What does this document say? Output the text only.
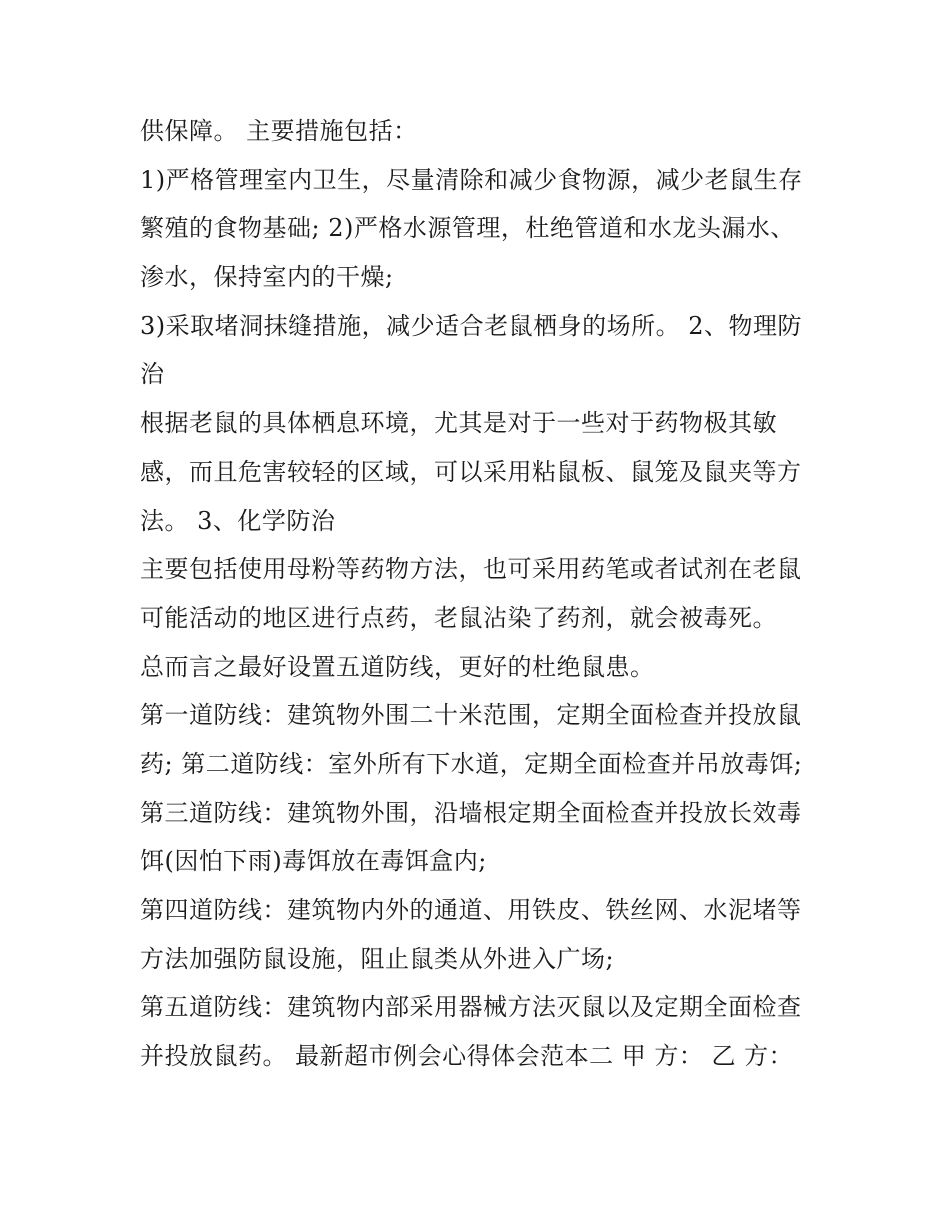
供保障。 主要措施包括：
1)严格管理室内卫生，尽量清除和减少食物源，减少老鼠生存
繁殖的食物基础; 2)严格水源管理，杜绝管道和水龙头漏水、
渗水，保持室内的干燥;
3)采取堵洞抹缝措施，减少适合老鼠栖身的场所。 2、物理防
治
根据老鼠的具体栖息环境，尤其是对于一些对于药物极其敏
感，而且危害较轻的区域，可以采用粘鼠板、鼠笼及鼠夹等方
法。 3、化学防治
主要包括使用母粉等药物方法，也可采用药笔或者试剂在老鼠
可能活动的地区进行点药，老鼠沾染了药剂，就会被毒死。
总而言之最好设置五道防线，更好的杜绝鼠患。
第一道防线：建筑物外围二十米范围，定期全面检查并投放鼠
药; 第二道防线：室外所有下水道，定期全面检查并吊放毒饵;
第三道防线：建筑物外围，沿墙根定期全面检查并投放长效毒
饵(因怕下雨)毒饵放在毒饵盒内;
第四道防线：建筑物内外的通道、用铁皮、铁丝网、水泥堵等
方法加强防鼠设施，阻止鼠类从外进入广场;
第五道防线：建筑物内部采用器械方法灭鼠以及定期全面检查
并投放鼠药。 最新超市例会心得体会范本二 甲 方： 乙 方：
